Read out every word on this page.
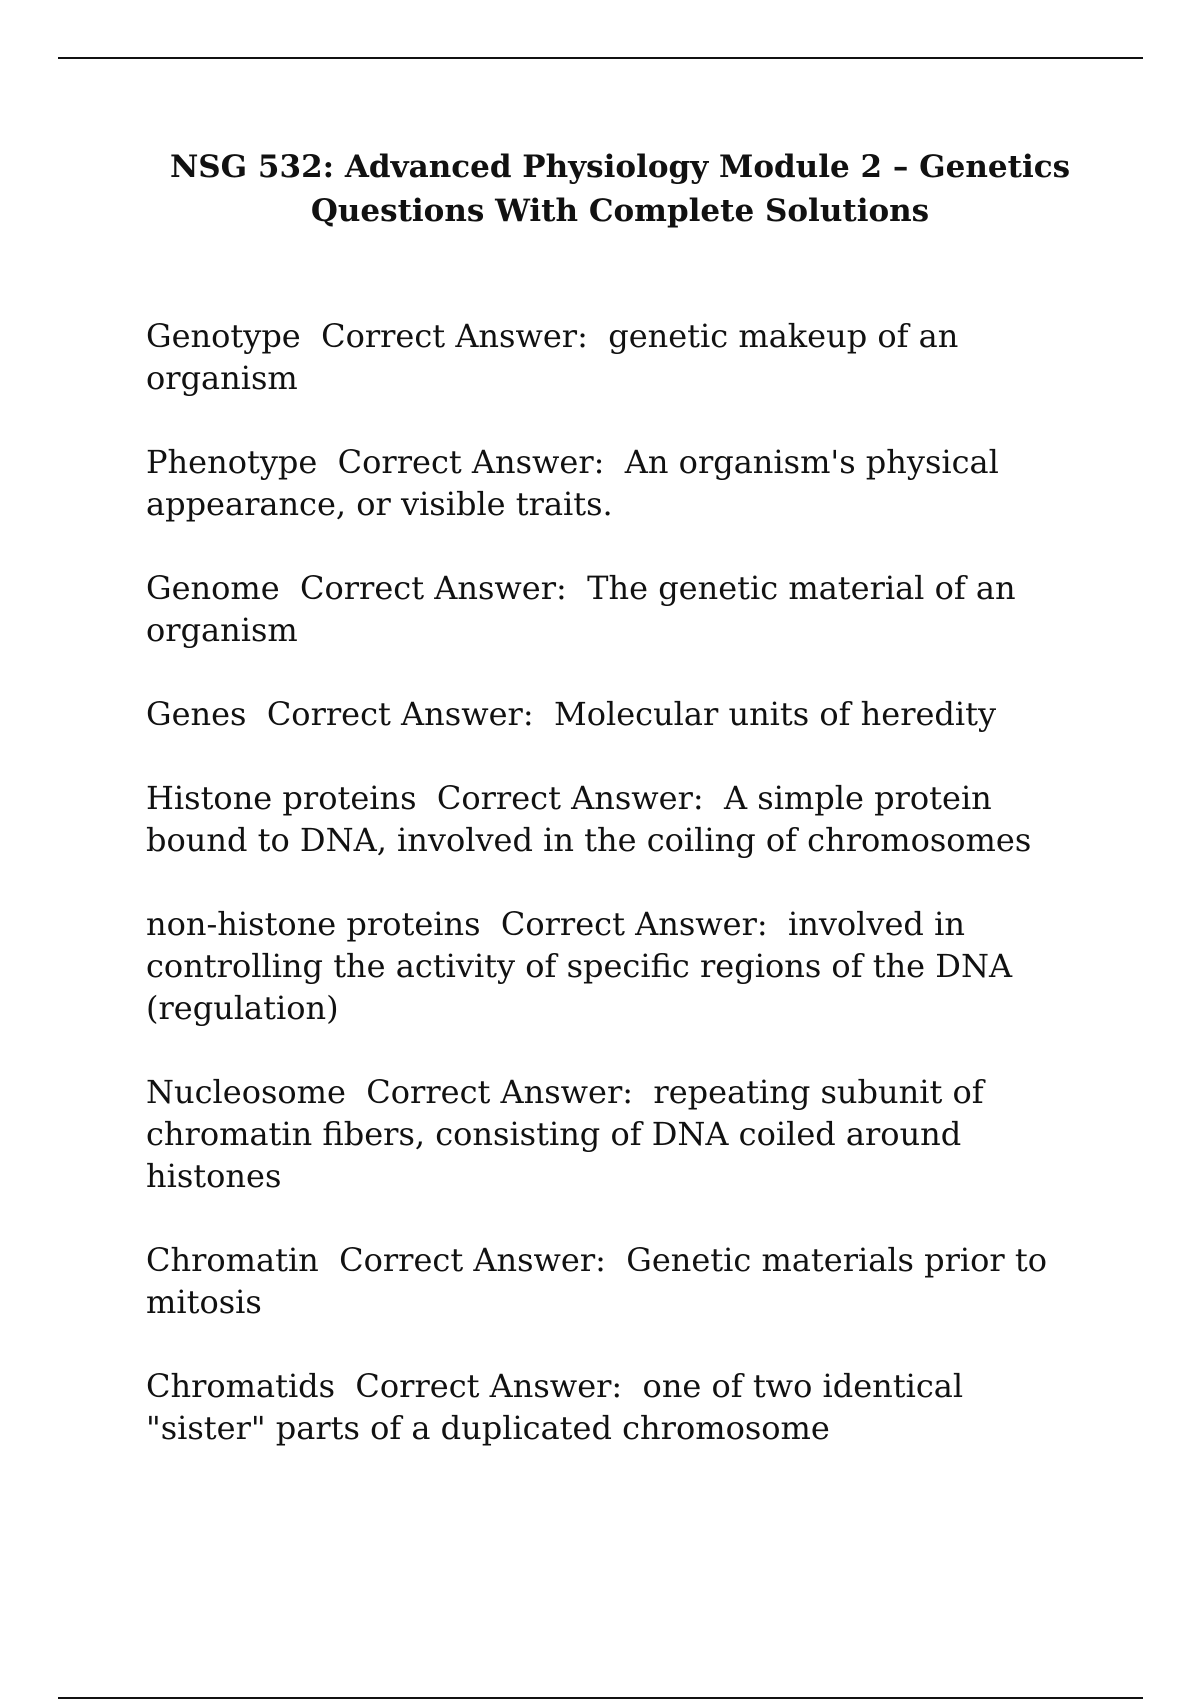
NSG 532: Advanced Physiology Module 2 – Genetics
Questions With Complete Solutions
Genotype  Correct Answer:  genetic makeup of an organism
Phenotype  Correct Answer:  An organism's physical appearance, or visible traits.
Genome  Correct Answer:  The genetic material of an organism
Genes  Correct Answer:  Molecular units of heredity
Histone proteins  Correct Answer:  A simple protein bound to DNA, involved in the coiling of chromosomes
non-histone proteins  Correct Answer:  involved in controlling the activity of specific regions of the DNA (regulation)
Nucleosome  Correct Answer:  repeating subunit of chromatin fibers, consisting of DNA coiled around histones
Chromatin  Correct Answer:  Genetic materials prior to mitosis
Chromatids  Correct Answer:  one of two identical "sister" parts of a duplicated chromosome
